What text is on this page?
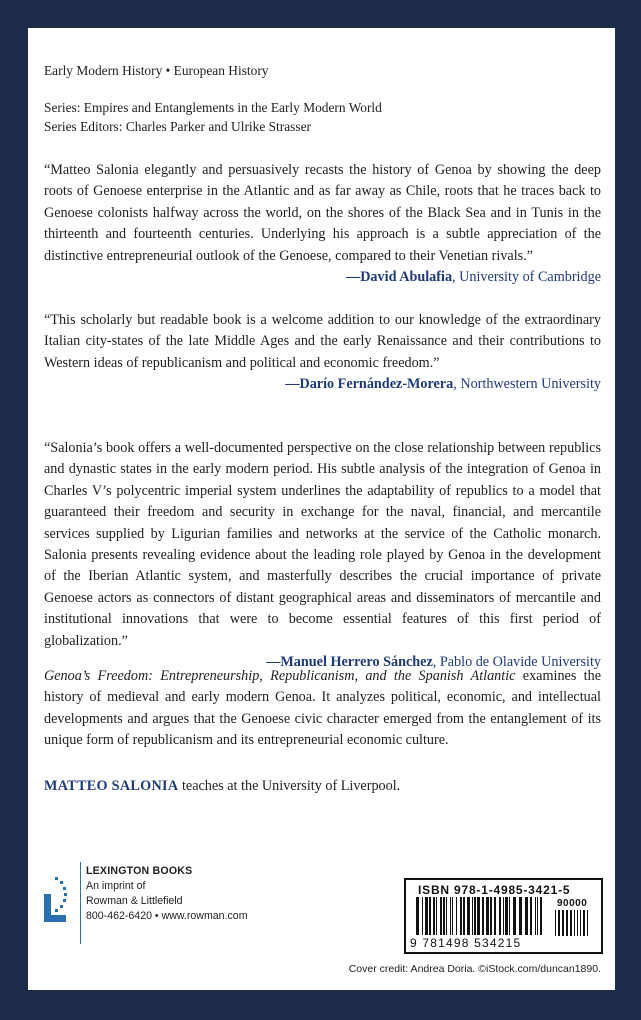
Early Modern History • European History
Series: Empires and Entanglements in the Early Modern World
Series Editors: Charles Parker and Ulrike Strasser
“Matteo Salonia elegantly and persuasively recasts the history of Genoa by showing the deep roots of Genoese enterprise in the Atlantic and as far away as Chile, roots that he traces back to Genoese colonists halfway across the world, on the shores of the Black Sea and in Tunis in the thirteenth and fourteenth centuries. Underlying his approach is a subtle appreciation of the distinctive entrepreneurial outlook of the Genoese, compared to their Venetian rivals.”
—David Abulafia, University of Cambridge
“This scholarly but readable book is a welcome addition to our knowledge of the extraordinary Italian city-states of the late Middle Ages and the early Renaissance and their contributions to Western ideas of republicanism and political and economic freedom.”
—Darío Fernández-Morera, Northwestern University
“Salonia’s book offers a well-documented perspective on the close relationship between republics and dynastic states in the early modern period. His subtle analysis of the integration of Genoa in Charles V’s polycentric imperial system underlines the adaptability of republics to a model that guaranteed their freedom and security in exchange for the naval, financial, and mercantile services supplied by Ligurian families and networks at the service of the Catholic monarch. Salonia presents revealing evidence about the leading role played by Genoa in the development of the Iberian Atlantic system, and masterfully describes the crucial importance of private Genoese actors as connectors of distant geographical areas and disseminators of mercantile and institutional innovations that were to become essential features of this first period of globalization.”
—Manuel Herrero Sánchez, Pablo de Olavide University
Genoa’s Freedom: Entrepreneurship, Republicanism, and the Spanish Atlantic examines the history of medieval and early modern Genoa. It analyzes political, economic, and intellectual developments and argues that the Genoese civic character emerged from the entanglement of its unique form of republicanism and its entrepreneurial economic culture.
MATTEO SALONIA teaches at the University of Liverpool.
LEXINGTON BOOKS
An imprint of
Rowman & Littlefield
800-462-6420 • www.rowman.com
ISBN 978-1-4985-3421-5
90000
9 781498 534215
Cover credit: Andrea Doria. ©iStock.com/duncan1890.
